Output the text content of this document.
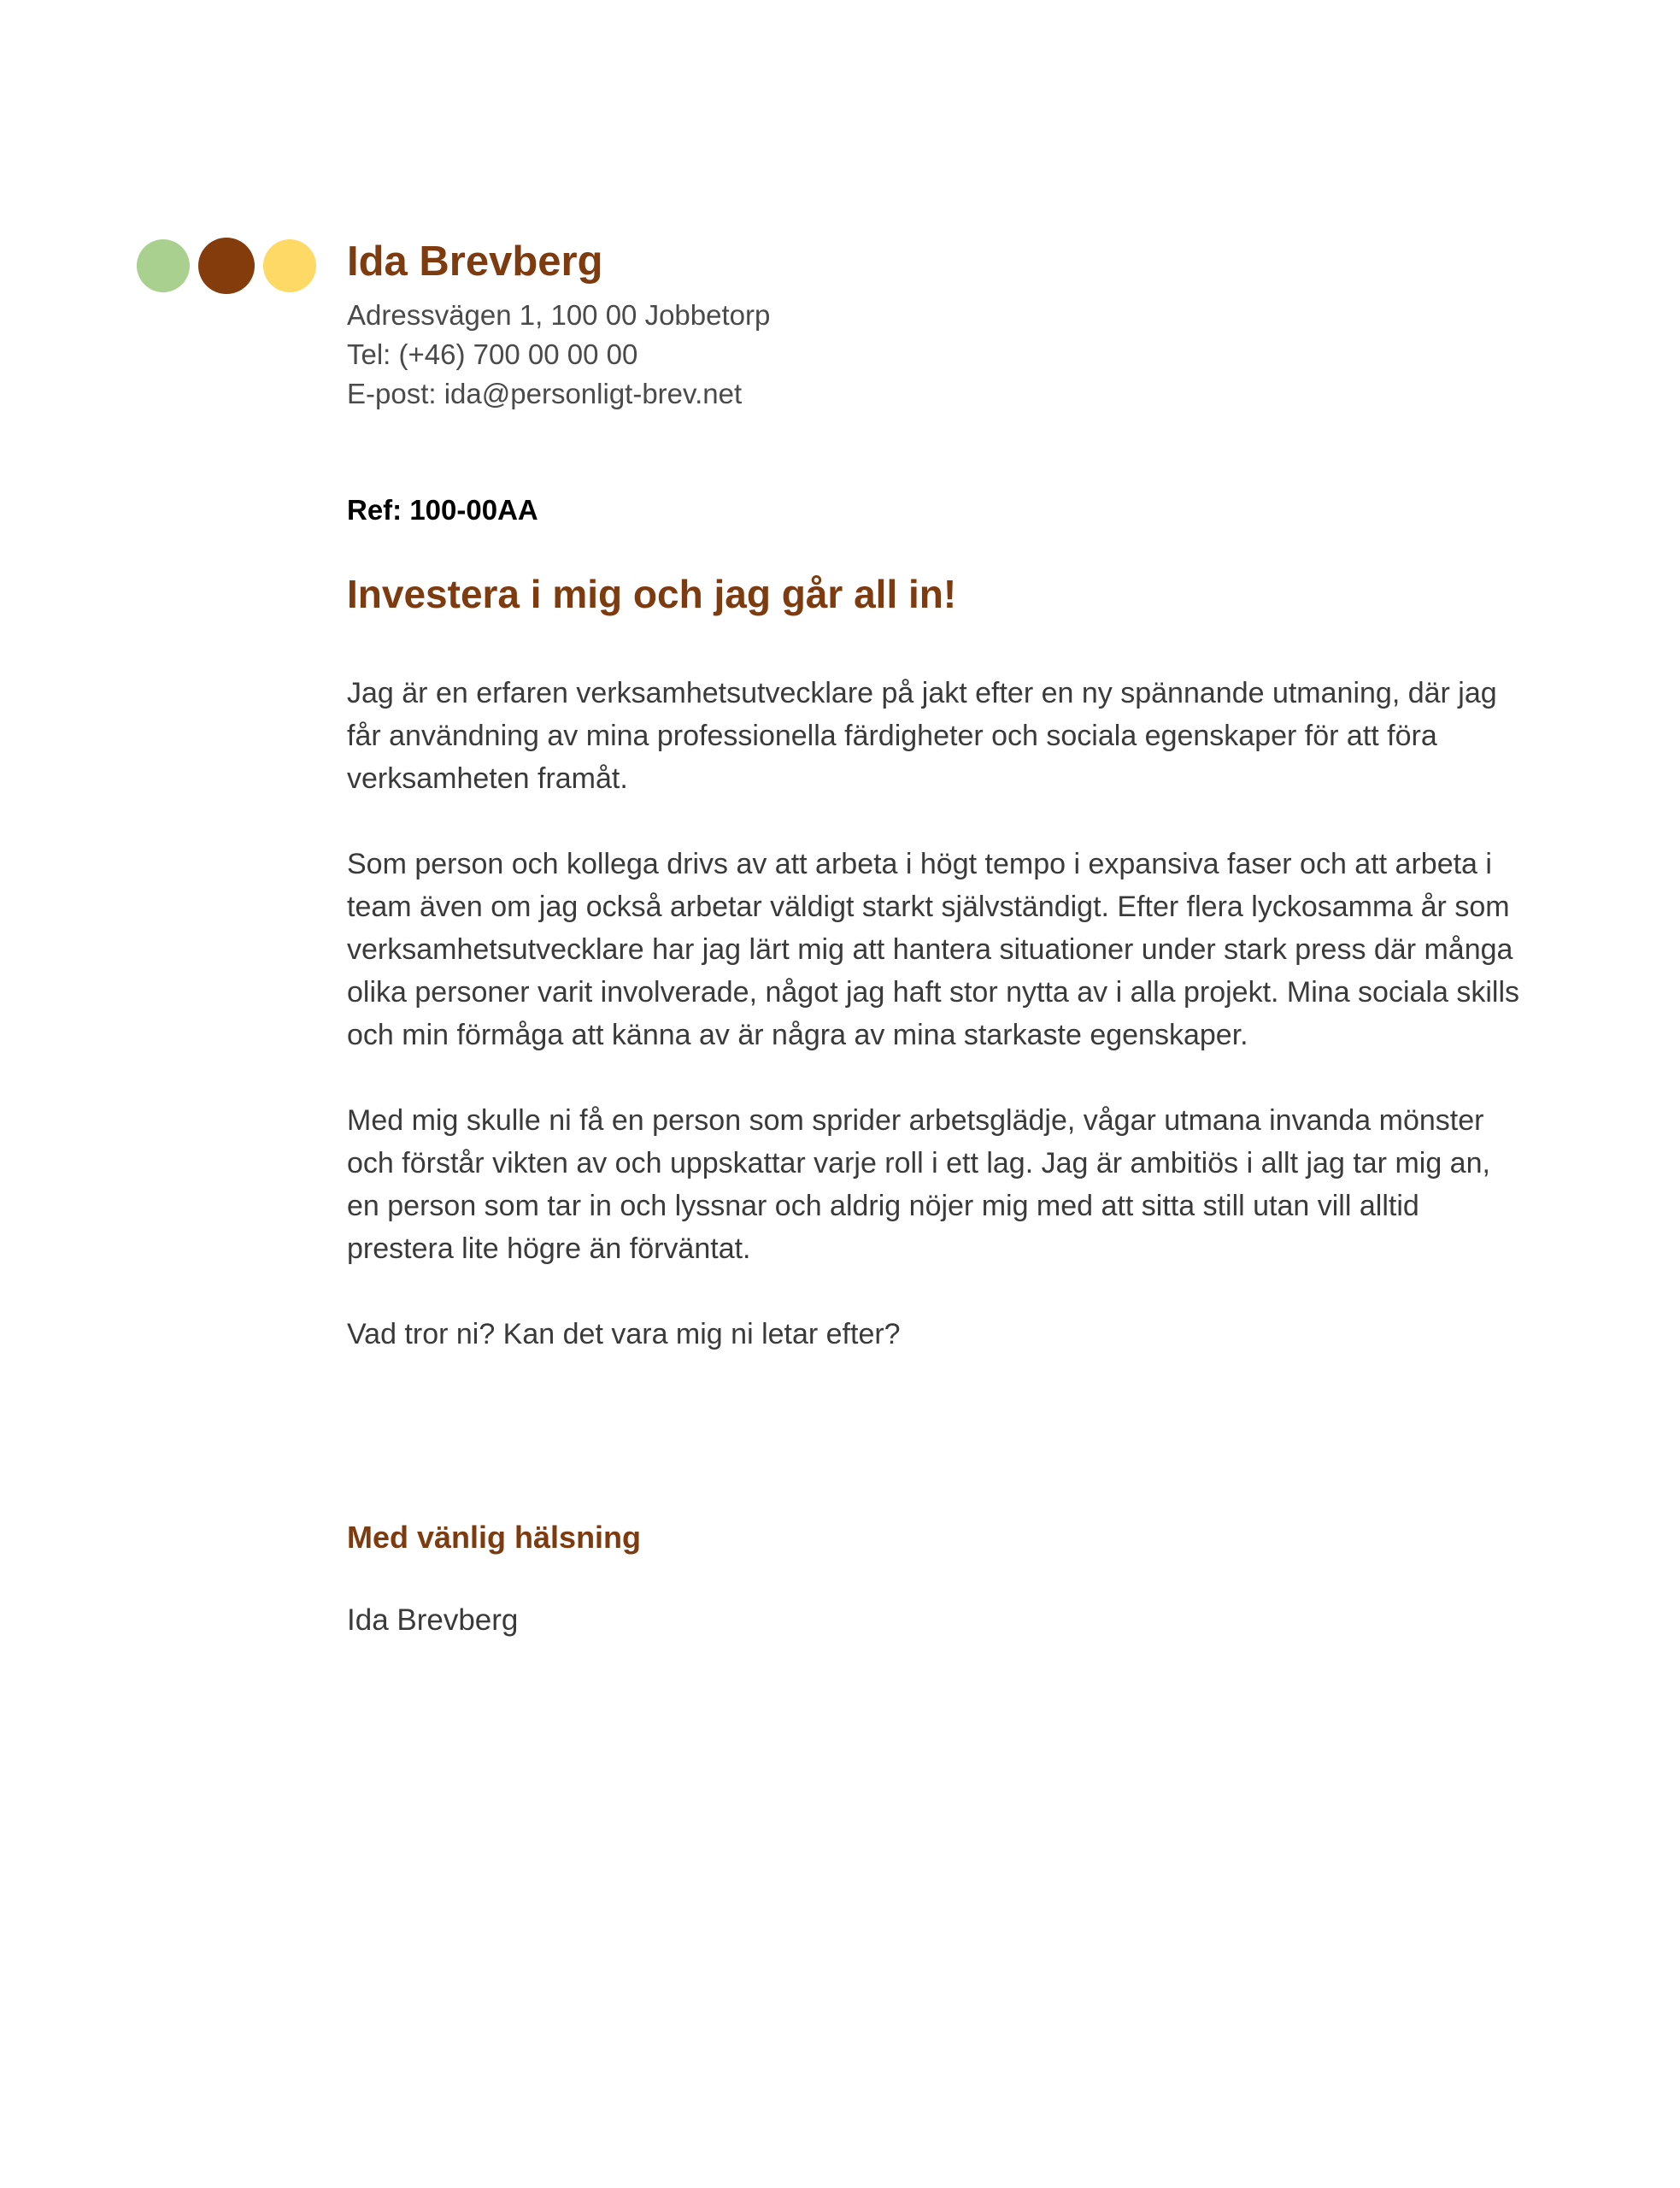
Ida Brevberg
Adressvägen 1, 100 00 Jobbetorp
Tel: (+46) 700 00 00 00
E-post: ida@personligt-brev.net
Ref: 100-00AA
Investera i mig och jag går all in!

Jag är en erfaren verksamhetsutvecklare på jakt efter en ny spännande utmaning, där jag får användning av mina professionella färdigheter och sociala egenskaper för att föra verksamheten framåt.

Som person och kollega drivs av att arbeta i högt tempo i expansiva faser och att arbeta i team även om jag också arbetar väldigt starkt självständigt. Efter flera lyckosamma år som verksamhetsutvecklare har jag lärt mig att hantera situationer under stark press där många olika personer varit involverade, något jag haft stor nytta av i alla projekt. Mina sociala skills och min förmåga att känna av är några av mina starkaste egenskaper.

Med mig skulle ni få en person som sprider arbetsglädje, vågar utmana invanda mönster och förstår vikten av och uppskattar varje roll i ett lag. Jag är ambitiös i allt jag tar mig an, en person som tar in och lyssnar och aldrig nöjer mig med att sitta still utan vill alltid prestera lite högre än förväntat.

Vad tror ni? Kan det vara mig ni letar efter?

Med vänlig hälsning
Ida Brevberg
